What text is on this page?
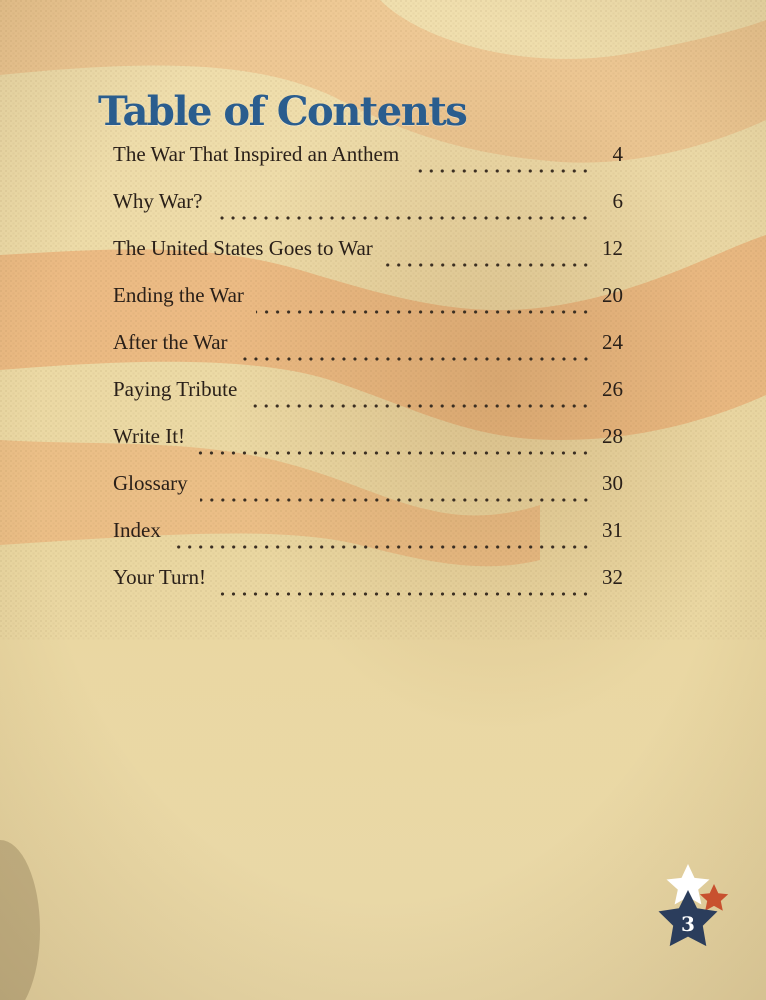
Table of Contents
The War That Inspired an Anthem	4
Why War?	6
The United States Goes to War	12
Ending the War	20
After the War	24
Paying Tribute	26
Write It!	28
Glossary	30
Index	31
Your Turn!	32
3
